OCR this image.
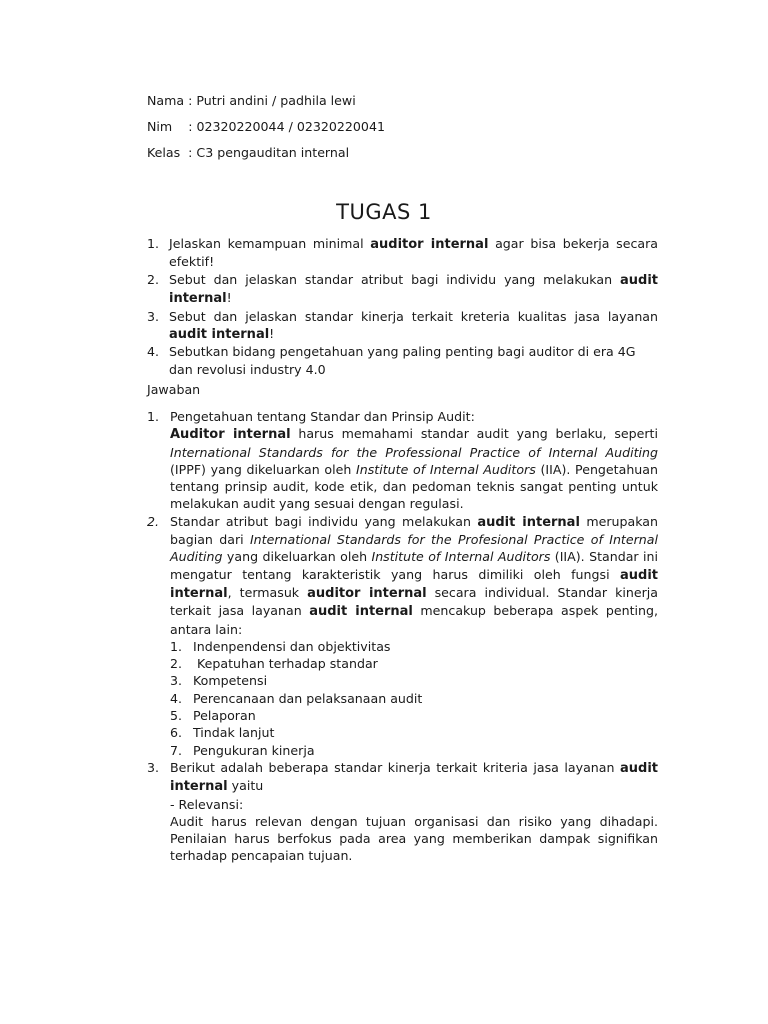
Nama : Putri andini / padhila lewi
Nim    : 02320220044 / 02320220041
Kelas  : C3 pengauditan internal
TUGAS 1
1. Jelaskan kemampuan minimal auditor internal agar bisa bekerja secara efektif!
2. Sebut dan jelaskan standar atribut bagi individu yang melakukan audit internal!
3. Sebut dan jelaskan standar kinerja terkait kreteria kualitas jasa layanan audit internal!
4. Sebutkan bidang pengetahuan yang paling penting bagi auditor di era 4G dan revolusi industry 4.0
Jawaban
1. Pengetahuan tentang Standar dan Prinsip Audit:
Auditor internal harus memahami standar audit yang berlaku, seperti International Standards for the Professional Practice of Internal Auditing (IPPF) yang dikeluarkan oleh Institute of Internal Auditors (IIA). Pengetahuan tentang prinsip audit, kode etik, dan pedoman teknis sangat penting untuk melakukan audit yang sesuai dengan regulasi.
2. Standar atribut bagi individu yang melakukan audit internal merupakan bagian dari International Standards for the Profesional Practice of Internal Auditing yang dikeluarkan oleh Institute of Internal Auditors (IIA). Standar ini mengatur tentang karakteristik yang harus dimiliki oleh fungsi audit internal, termasuk auditor internal secara individual. Standar kinerja terkait jasa layanan audit internal mencakup beberapa aspek penting, antara lain:
1. Indenpendensi dan objektivitas
2. Kepatuhan terhadap standar
3. Kompetensi
4. Perencanaan dan pelaksanaan audit
5. Pelaporan
6. Tindak lanjut
7. Pengukuran kinerja
3. Berikut adalah beberapa standar kinerja terkait kriteria jasa layanan audit internal yaitu
- Relevansi:
Audit harus relevan dengan tujuan organisasi dan risiko yang dihadapi. Penilaian harus berfokus pada area yang memberikan dampak signifikan terhadap pencapaian tujuan.
